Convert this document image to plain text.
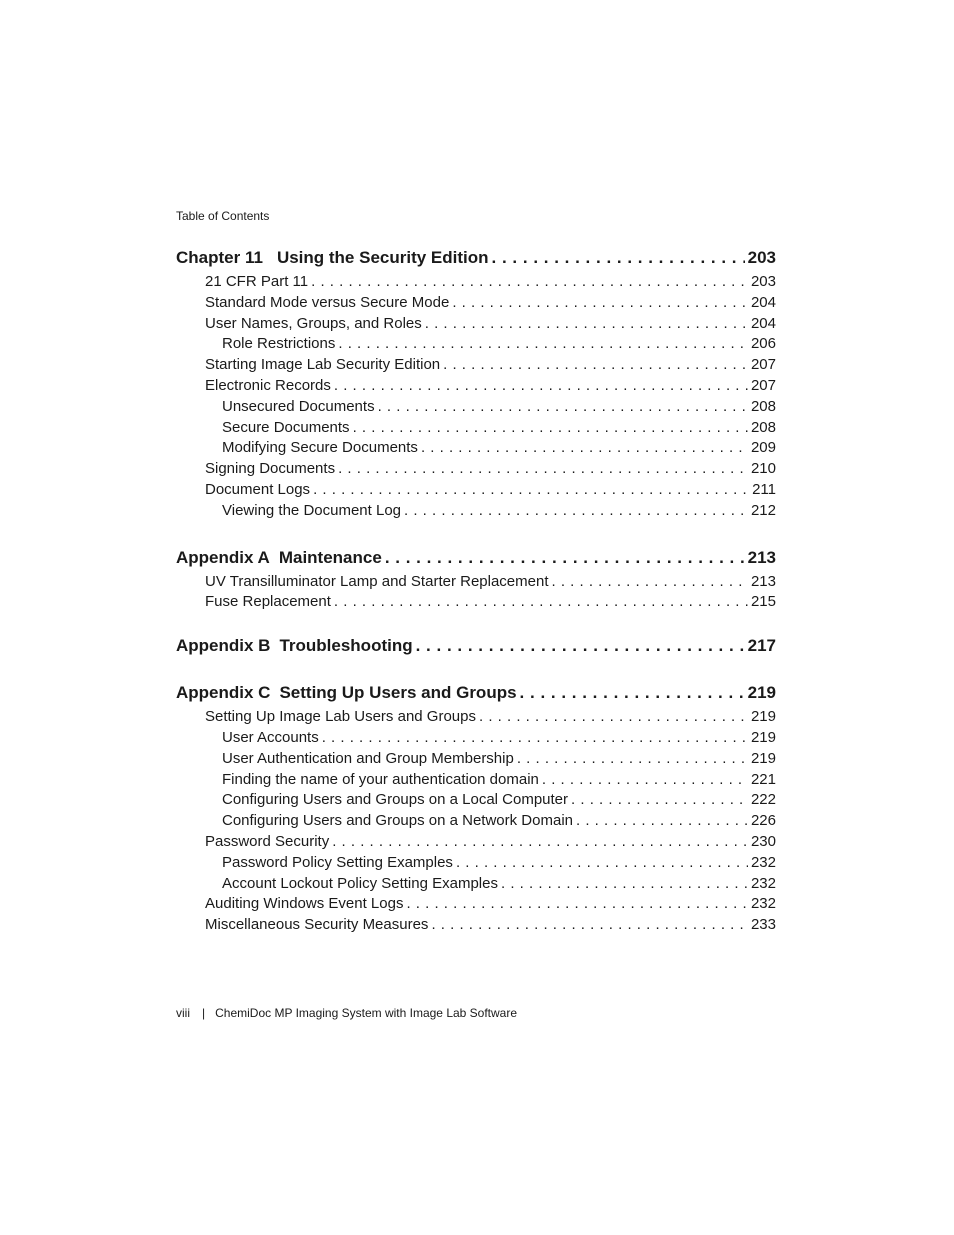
Table of Contents
Chapter 11 Using the Security Edition . . .	203
21 CFR Part 11 . . .	203
Standard Mode versus Secure Mode . . .	204
User Names, Groups, and Roles . . .	204
Role Restrictions . . .	206
Starting Image Lab Security Edition . . .	207
Electronic Records . . .	207
Unsecured Documents . . .	208
Secure Documents . . .	208
Modifying Secure Documents . . .	209
Signing Documents . . .	210
Document Logs . . .	211
Viewing the Document Log . . .	212
Appendix A Maintenance . . .	213
UV Transilluminator Lamp and Starter Replacement . . .	213
Fuse Replacement . . .	215
Appendix B Troubleshooting . . .	217
Appendix C Setting Up Users and Groups . . .	219
Setting Up Image Lab Users and Groups . . .	219
User Accounts . . .	219
User Authentication and Group Membership . . .	219
Finding the name of your authentication domain . . .	221
Configuring Users and Groups on a Local Computer . . .	222
Configuring Users and Groups on a Network Domain . . .	226
Password Security . . .	230
Password Policy Setting Examples . . .	232
Account Lockout Policy Setting Examples . . .	232
Auditing Windows Event Logs . . .	232
Miscellaneous Security Measures . . .	233
viii | ChemiDoc MP Imaging System with Image Lab Software
